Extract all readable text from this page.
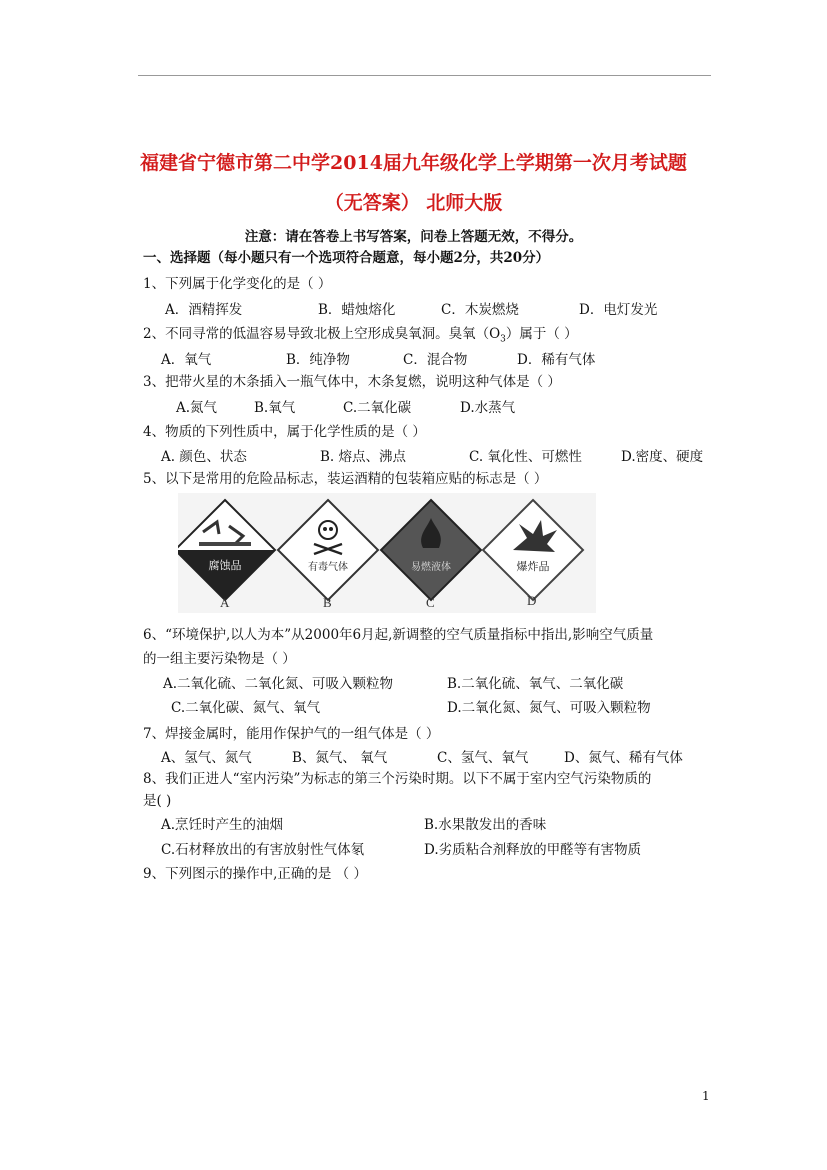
福建省宁德市第二中学2014届九年级化学上学期第一次月考试题
（无答案） 北师大版
注意：请在答卷上书写答案，问卷上答题无效，不得分。
一、选择题（每小题只有一个选项符合题意，每小题2分，共20分）
1、下列属于化学变化的是（ ）
A．酒精挥发	B．蜡烛熔化	C．木炭燃烧	D．电灯发光
2、不同寻常的低温容易导致北极上空形成臭氧洞。臭氧$(O_3)$属于（ ）
A．氧气	B．纯净物	C．混合物	D．稀有气体
3、把带火星的木条插入一瓶气体中，木条复燃，说明这种气体是（ ）
A.氮气	B.氧气	C.二氧化碳	D.水蒸气
4、物质的下列性质中，属于化学性质的是（ ）
A. 颜色、状态	B. 熔点、沸点	C. 氧化性、可燃性	D.密度、硬度
5、以下是常用的危险品标志，装运酒精的包装箱应贴的标志是（ ）
腐蚀品	有毒气体	易燃液体	爆炸品
A	B	C	D
6、“环境保护,以人为本”从2000年6月起,新调整的空气质量指标中指出,影响空气质量
的一组主要污染物是（ ）
A.二氧化硫、二氧化氮、可吸入颗粒物	B.二氧化硫、氧气、二氧化碳
C.二氧化碳、氮气、氧气	D.二氧化氮、氮气、可吸入颗粒物
7、焊接金属时，能用作保护气的一组气体是（ ）
A、氢气、氮气	B、氮气、 氧气	C、氢气、氧气	D、氮气、稀有气体
8、我们正进人“室内污染”为标志的第三个污染时期。以下不属于室内空气污染物质的
是( )
A.烹饪时产生的油烟	B.水果散发出的香味
C.石材释放出的有害放射性气体氡	D.劣质粘合剂释放的甲醛等有害物质
9、下列图示的操作中,正确的是 （ ）
1
